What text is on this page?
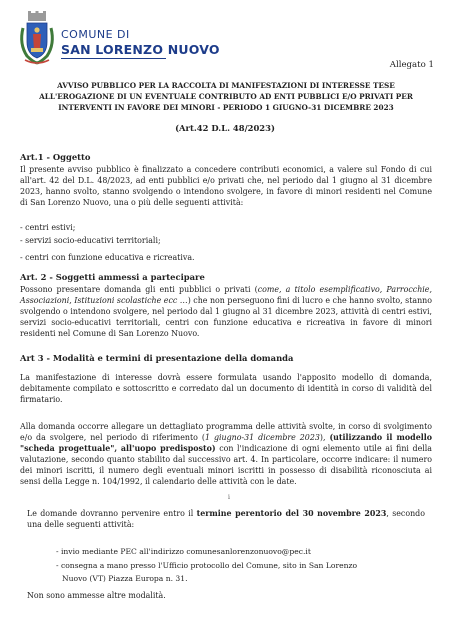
COMUNE DI
SAN LORENZO NUOVO
Allegato 1
AVVISO PUBBLICO PER LA RACCOLTA DI MANIFESTAZIONI DI INTERESSE TESE
ALL'EROGAZIONE DI UN EVENTUALE CONTRIBUTO AD ENTI PUBBLICI E/O PRIVATI PER
INTERVENTI IN FAVORE DEI MINORI - PERIODO 1 GIUGNO-31 DICEMBRE 2023
(Art.42 D.L. 48/2023)
Art.1 - Oggetto
Il presente avviso pubblico è finalizzato a concedere contributi economici, a valere sul Fondo di cui all'art. 42 del D.L. 48/2023, ad enti pubblici e/o privati che, nel periodo dal 1 giugno al 31 dicembre 2023, hanno svolto, stanno svolgendo o intendono svolgere, in favore di minori residenti nel Comune di San Lorenzo Nuovo, una o più delle seguenti attività:
- centri estivi;
- servizi socio-educativi territoriali;
- centri con funzione educativa e ricreativa.
Art. 2 - Soggetti ammessi a partecipare
Possono presentare domanda gli enti pubblici o privati (come, a titolo esemplificativo, Parrocchie, Associazioni, Istituzioni scolastiche ecc …) che non perseguono fini di lucro e che hanno svolto, stanno svolgendo o intendono svolgere, nel periodo dal 1 giugno al 31 dicembre 2023, attività di centri estivi, servizi socio-educativi territoriali, centri con funzione educativa e ricreativa in favore di minori residenti nel Comune di San Lorenzo Nuovo.
Art 3 - Modalità e termini di presentazione della domanda
La manifestazione di interesse dovrà essere formulata usando l'apposito modello di domanda, debitamente compilato e sottoscritto e corredato dal un documento di identità in corso di validità del firmatario.
Alla domanda occorre allegare un dettagliato programma delle attività svolte, in corso di svolgimento e/o da svolgere, nel periodo di riferimento (1 giugno-31 dicembre 2023), (utilizzando il modello "scheda progettuale", all'uopo predisposto) con l'indicazione di ogni elemento utile ai fini della valutazione, secondo quanto stabilito dal successivo art. 4. In particolare, occorre indicare: il numero dei minori iscritti, il numero degli eventuali minori iscritti in possesso di disabilità riconosciuta ai sensi della Legge n. 104/1992, il calendario delle attività con le date.
i
Le domande dovranno pervenire entro il termine perentorio del 30 novembre 2023, secondo una delle seguenti attività:
- invio mediante PEC all'indirizzo comunesanlorenzonuovo@pec.it
- consegna a mano presso l'Ufficio protocollo del Comune, sito in San Lorenzo
Nuovo (VT) Piazza Europa n. 31.
Non sono ammesse altre modalità.
